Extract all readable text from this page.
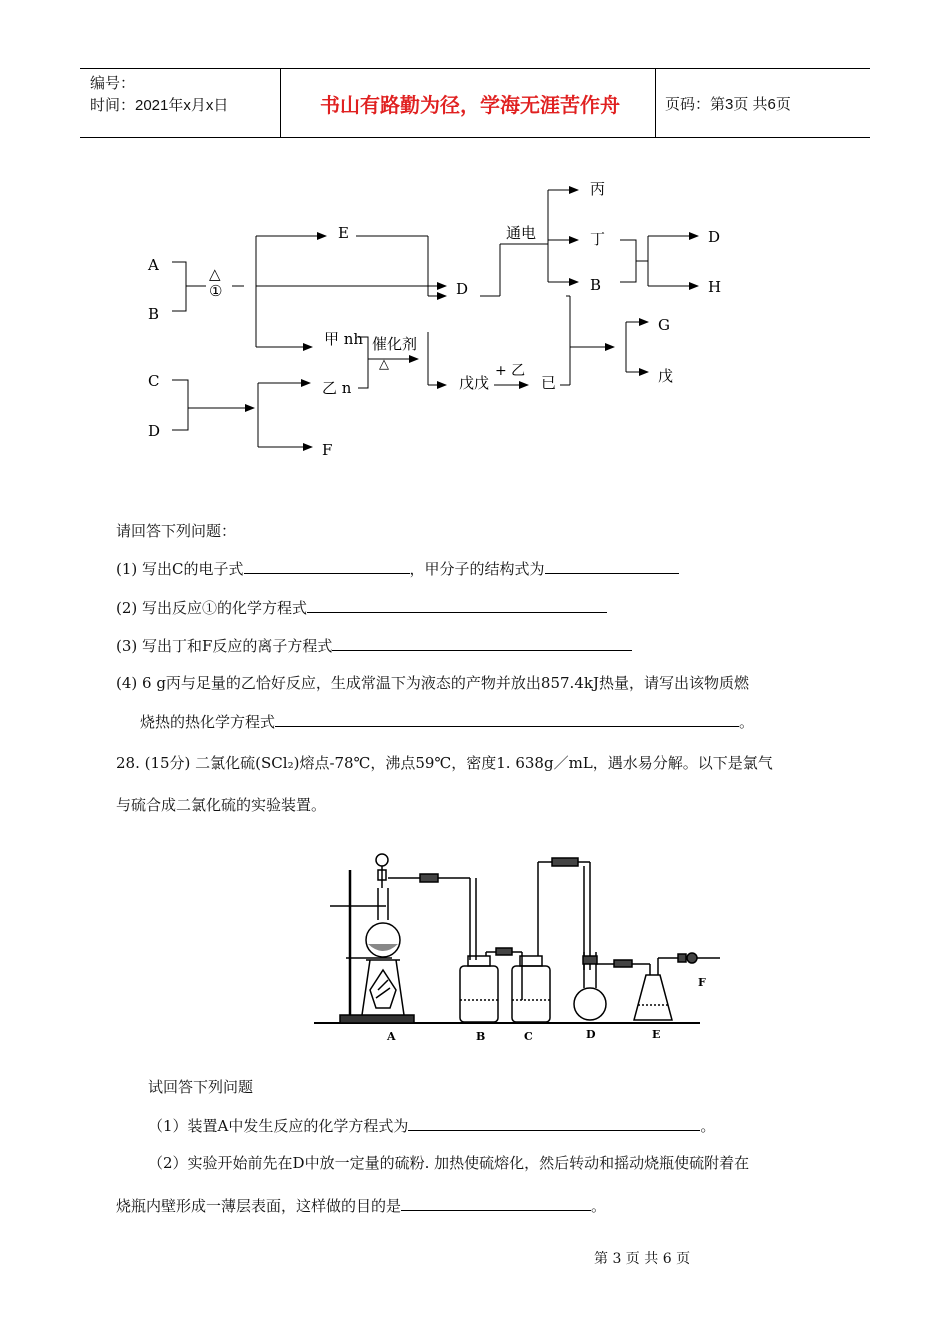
编号：
时间：2021年x月x日	书山有路勤为径，学海无涯苦作舟	页码：第3页 共6页
A
B
△
①
E
D
甲 nh
乙 n
催化剂
△
C
D
F
戊戊
+ 乙
已
通电
丙
丁
B
D
H
G
戊
请回答下列问题：
(1) 写出C的电子式	，甲分子的结构式为
(2) 写出反应①的化学方程式
(3) 写出丁和F反应的离子方程式
(4) 6 g丙与足量的乙恰好反应，生成常温下为液态的产物并放出857.4kJ热量，请写出该物质燃
烧热的热化学方程式	。
28. (15分) 二氯化硫(SCl₂)熔点-78℃，沸点59℃，密度1. 638g／mL，遇水易分解。以下是氯气
与硫合成二氯化硫的实验装置。
A	B	C	D	E
F
试回答下列问题
（1）装置A中发生反应的化学方程式为	。
（2）实验开始前先在D中放一定量的硫粉. 加热使硫熔化，然后转动和摇动烧瓶使硫附着在
烧瓶内壁形成一薄层表面，这样做的目的是	。
第 3 页 共 6 页
